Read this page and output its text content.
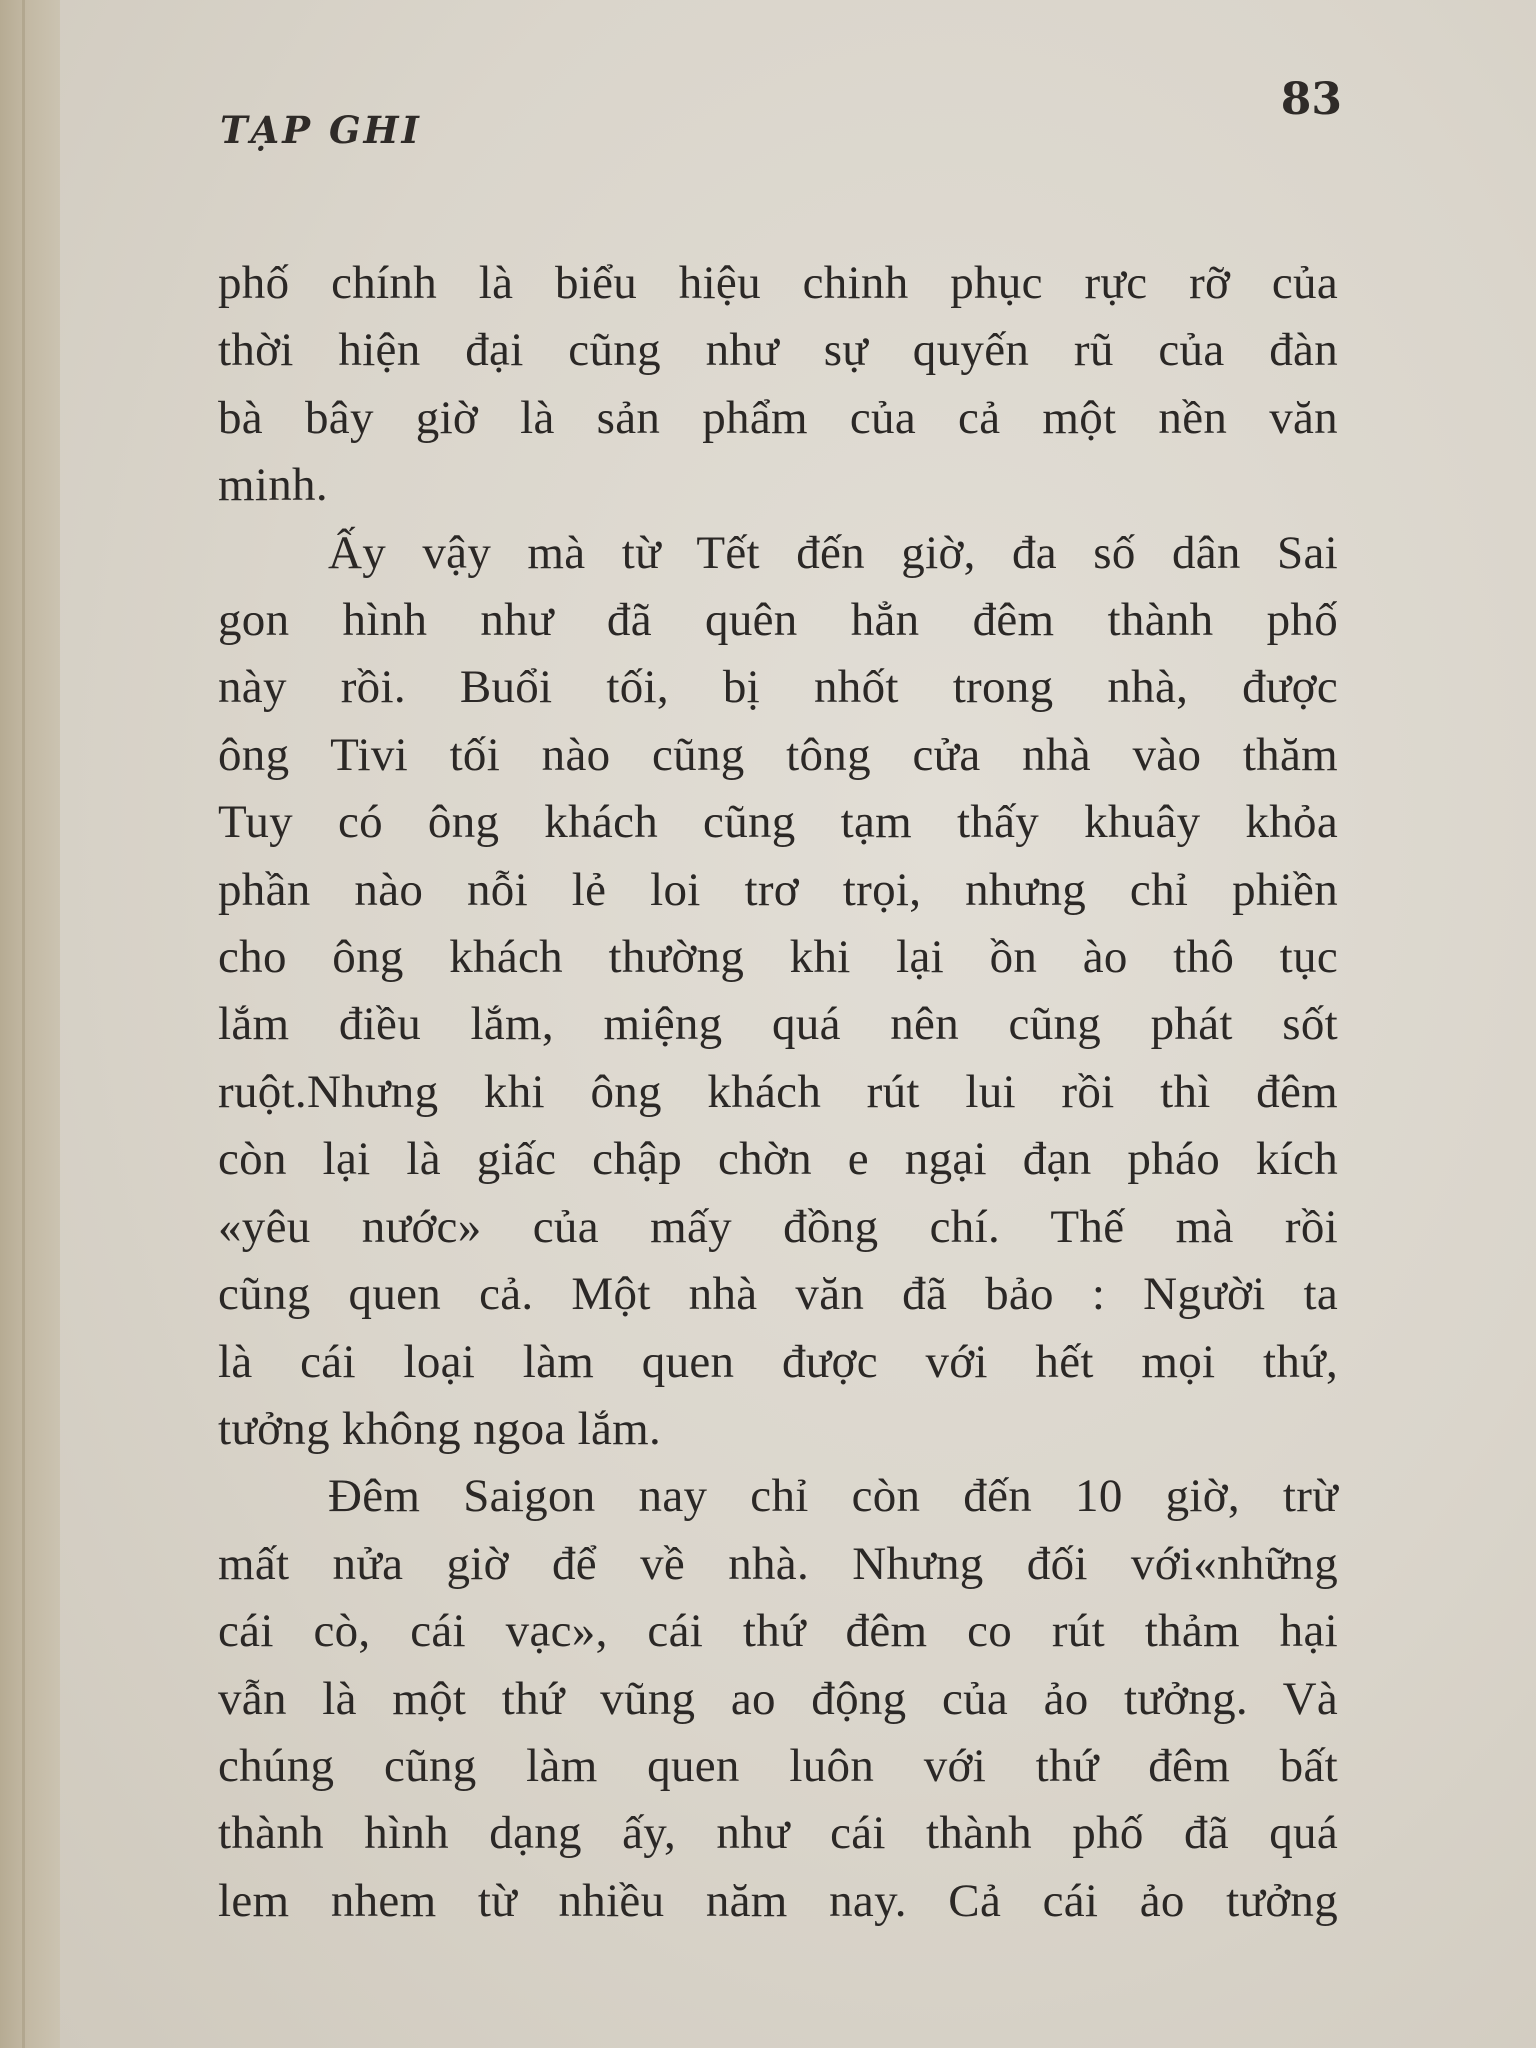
TẠP GHI
83
phố chính là biểu hiệu chinh phục rực rỡ của
thời hiện đại cũng như sự quyến rũ của đàn
bà bây giờ là sản phẩm của cả một nền văn
minh.
Ấy vậy mà từ Tết đến giờ, đa số dân Sai
gon hình như đã quên hẳn đêm thành phố
này rồi. Buổi tối, bị nhốt trong nhà, được
ông Tivi tối nào cũng tông cửa nhà vào thăm
Tuy có ông khách cũng tạm thấy khuây khỏa
phần nào nỗi lẻ loi trơ trọi, nhưng chỉ phiền
cho ông khách thường khi lại ồn ào thô tục
lắm điều lắm, miệng quá nên cũng phát sốt
ruột.Nhưng khi ông khách rút lui rồi thì đêm
còn lại là giấc chập chờn e ngại đạn pháo kích
«yêu nước» của mấy đồng chí. Thế mà rồi
cũng quen cả. Một nhà văn đã bảo : Người ta
là cái loại làm quen được với hết mọi thứ,
tưởng không ngoa lắm.
Đêm Saigon nay chỉ còn đến 10 giờ, trừ
mất nửa giờ để về nhà. Nhưng đối với«những
cái cò, cái vạc», cái thứ đêm co rút thảm hại
vẫn là một thứ vũng ao động của ảo tưởng. Và
chúng cũng làm quen luôn với thứ đêm bất
thành hình dạng ấy, như cái thành phố đã quá
lem nhem từ nhiều năm nay. Cả cái ảo tưởng
